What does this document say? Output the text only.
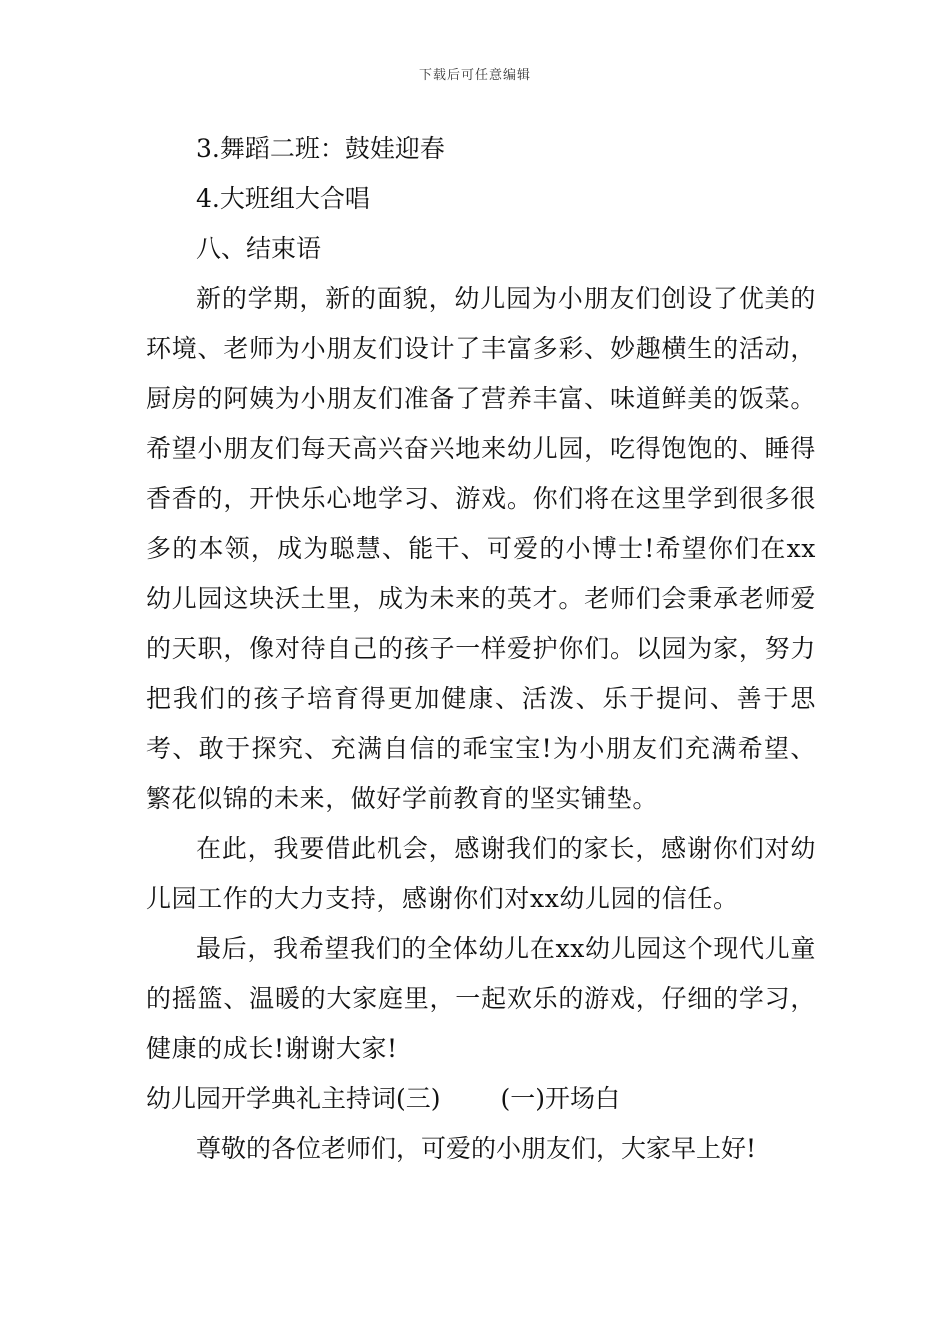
下载后可任意编辑

3.舞蹈二班：鼓娃迎春

4.大班组大合唱

八、结束语

新的学期，新的面貌，幼儿园为小朋友们创设了优美的环境、老师为小朋友们设计了丰富多彩、妙趣横生的活动，厨房的阿姨为小朋友们准备了营养丰富、味道鲜美的饭菜。希望小朋友们每天高兴奋兴地来幼儿园，吃得饱饱的、睡得香香的，开快乐心地学习、游戏。你们将在这里学到很多很多的本领，成为聪慧、能干、可爱的小博士!希望你们在xx幼儿园这块沃土里，成为未来的英才。老师们会秉承老师爱的天职，像对待自己的孩子一样爱护你们。以园为家，努力把我们的孩子培育得更加健康、活泼、乐于提问、善于思考、敢于探究、充满自信的乖宝宝!为小朋友们充满希望、繁花似锦的未来，做好学前教育的坚实铺垫。

在此，我要借此机会，感谢我们的家长，感谢你们对幼儿园工作的大力支持，感谢你们对xx幼儿园的信任。

最后，我希望我们的全体幼儿在xx幼儿园这个现代儿童的摇篮、温暖的大家庭里，一起欢乐的游戏，仔细的学习，健康的成长!谢谢大家!

幼儿园开学典礼主持词(三) (一)开场白

尊敬的各位老师们，可爱的小朋友们，大家早上好!
